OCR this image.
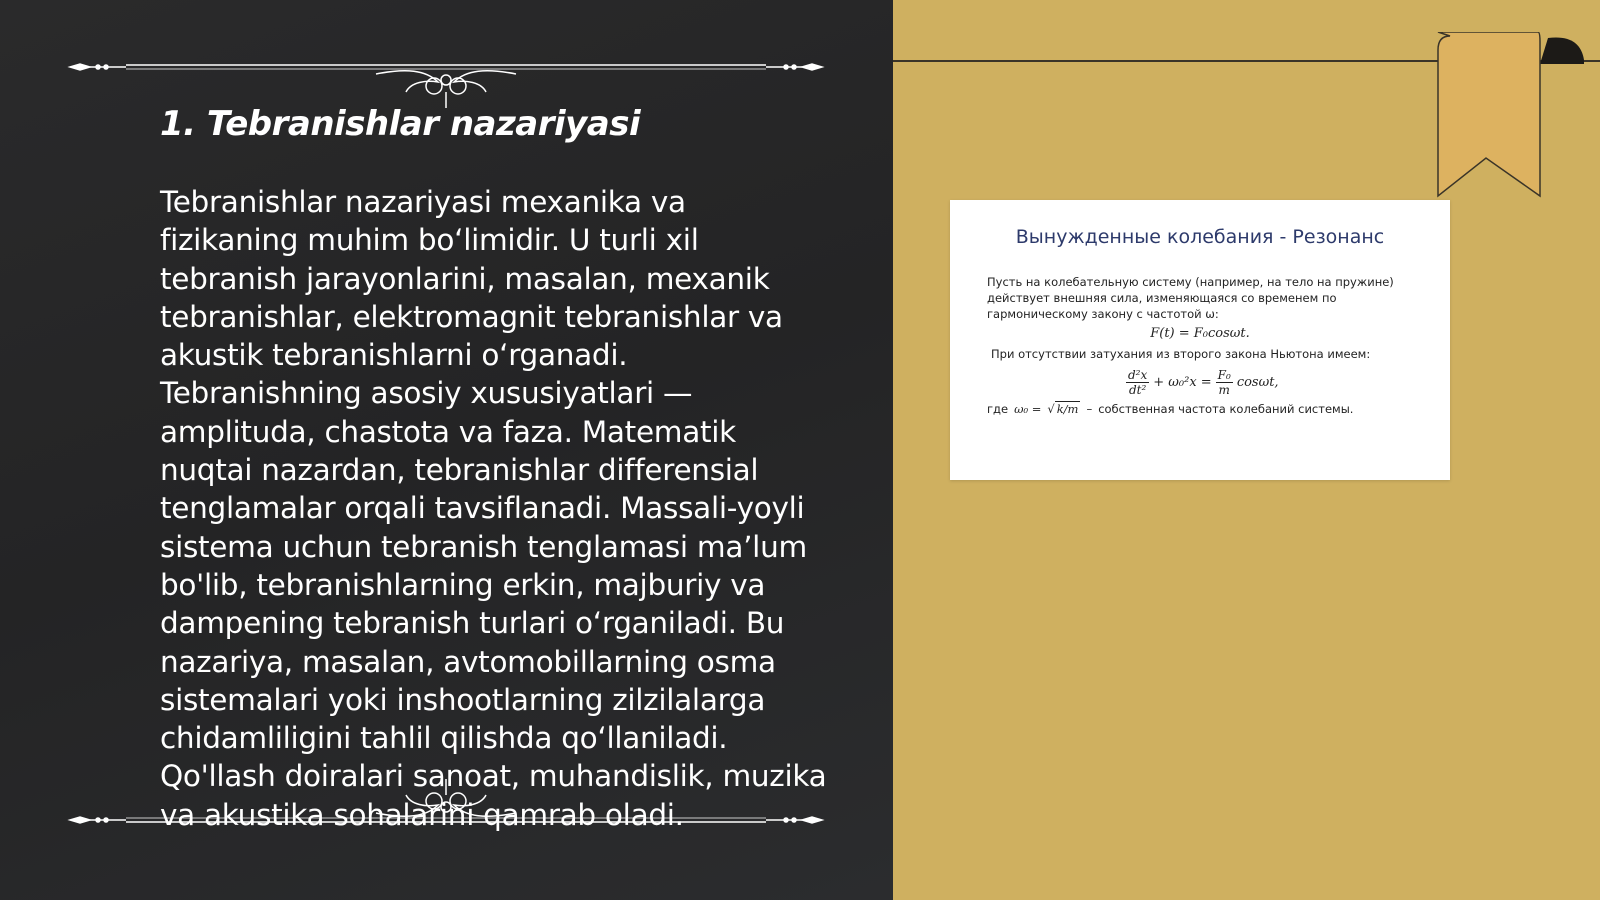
1. Tebranishlar nazariyasi

Tebranishlar nazariyasi mexanika va fizikaning muhim bo‘limidir. U turli xil tebranish jarayonlarini, masalan, mexanik tebranishlar, elektromagnit tebranishlar va akustik tebranishlarni o‘rganadi. Tebranishning asosiy xususiyatlari — amplituda, chastota va faza. Matematik nuqtai nazardan, tebranishlar differensial tenglamalar orqali tavsiflanadi. Massali-yoyli sistema uchun tebranish tenglamasi ma’lum bo'lib, tebranishlarning erkin, majburiy va dampening tebranish turlari o‘rganiladi. Bu nazariya, masalan, avtomobillarning osma sistemalari yoki inshootlarning zilzilalarga chidamliligini tahlil qilishda qo‘llaniladi. Qo'llash doiralari sanoat, muhandislik, muzika va akustika sohalarini qamrab oladi.

Вынужденные колебания - Резонанс
Пусть на колебательную систему (например, на тело на пружине) действует внешняя сила, изменяющаяся со временем по гармоническому закону с частотой ω:
F(t) = F₀cosωt.
При отсутствии затухания из второго закона Ньютона имеем:
$\frac{\text{d²x}}{\text{dt²}} + \omega_0^2x = \frac{\text{F₀}}{m} \cos\omega t$,
где ω₀ = √ k/m – собственная частота колебаний системы.
